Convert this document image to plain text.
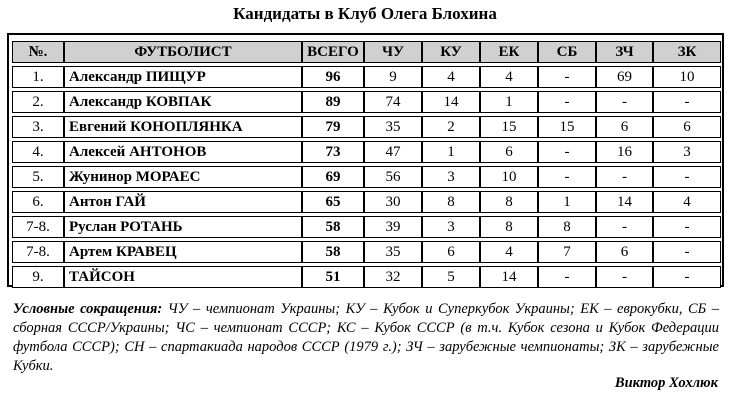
Кандидаты в Клуб Олега Блохина
№.	ФУТБОЛИСТ	ВСЕГО	ЧУ	КУ	ЕК	СБ	ЗЧ	ЗК
1.	Александр ПИЩУР	96	9	4	4	-	69	10
2.	Александр КОВПАК	89	74	14	1	-	-	-
3.	Евгений КОНОПЛЯНКА	79	35	2	15	15	6	6
4.	Алексей АНТОНОВ	73	47	1	6	-	16	3
5.	Жунинор МОРАЕС	69	56	3	10	-	-	-
6.	Антон ГАЙ	65	30	8	8	1	14	4
7-8.	Руслан РОТАНЬ	58	39	3	8	8	-	-
7-8.	Артем КРАВЕЦ	58	35	6	4	7	6	-
9.	ТАЙСОН	51	32	5	14	-	-	-
Условные сокращения: ЧУ – чемпионат Украины; КУ – Кубок и Суперкубок Украины; ЕК – еврокубки, СБ – сборная СССР/Украины; ЧС – чемпионат СССР; КС – Кубок СССР (в т.ч. Кубок сезона и Кубок Федерации футбола СССР); СН – спартакиада народов СССР (1979 г.); ЗЧ – зарубежные чемпионаты; ЗК – зарубежные Кубки.
Виктор Хохлюк
